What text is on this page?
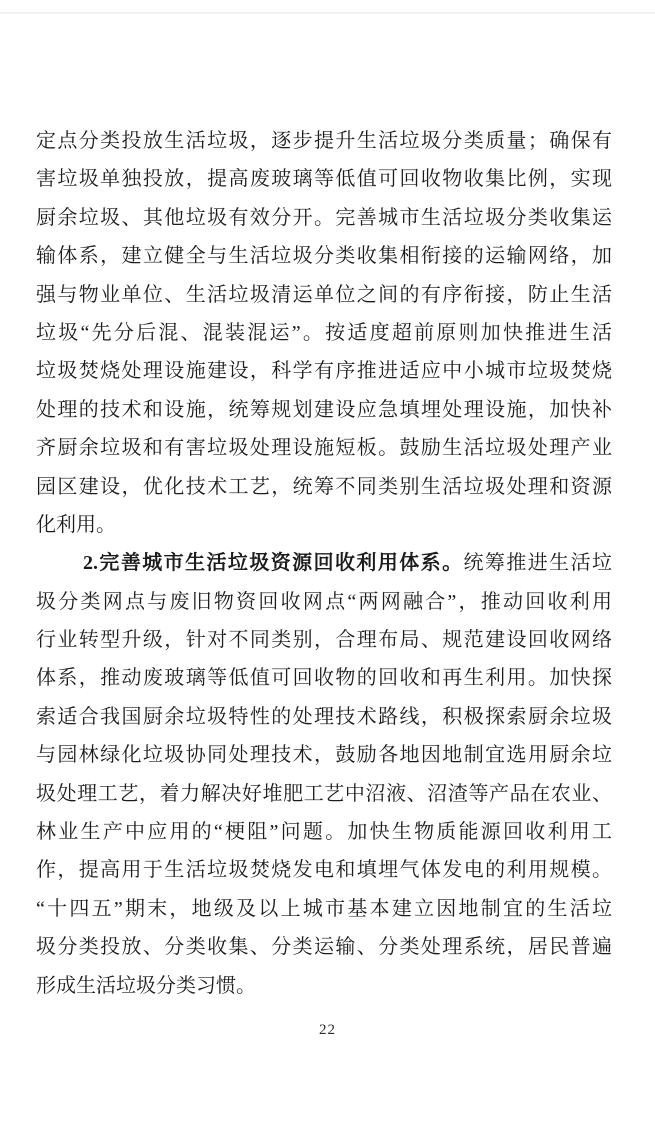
定点分类投放生活垃圾，逐步提升生活垃圾分类质量；确保有
害垃圾单独投放，提高废玻璃等低值可回收物收集比例，实现
厨余垃圾、其他垃圾有效分开。完善城市生活垃圾分类收集运
输体系，建立健全与生活垃圾分类收集相衔接的运输网络，加
强与物业单位、生活垃圾清运单位之间的有序衔接，防止生活
垃圾“先分后混、混装混运”。按适度超前原则加快推进生活
垃圾焚烧处理设施建设，科学有序推进适应中小城市垃圾焚烧
处理的技术和设施，统筹规划建设应急填埋处理设施，加快补
齐厨余垃圾和有害垃圾处理设施短板。鼓励生活垃圾处理产业
园区建设，优化技术工艺，统筹不同类别生活垃圾处理和资源
化利用。
2.完善城市生活垃圾资源回收利用体系。统筹推进生活垃
圾分类网点与废旧物资回收网点“两网融合”，推动回收利用
行业转型升级，针对不同类别，合理布局、规范建设回收网络
体系，推动废玻璃等低值可回收物的回收和再生利用。加快探
索适合我国厨余垃圾特性的处理技术路线，积极探索厨余垃圾
与园林绿化垃圾协同处理技术，鼓励各地因地制宜选用厨余垃
圾处理工艺，着力解决好堆肥工艺中沼液、沼渣等产品在农业、
林业生产中应用的“梗阻”问题。加快生物质能源回收利用工
作，提高用于生活垃圾焚烧发电和填埋气体发电的利用规模。
“十四五”期末，地级及以上城市基本建立因地制宜的生活垃
圾分类投放、分类收集、分类运输、分类处理系统，居民普遍
形成生活垃圾分类习惯。
22
